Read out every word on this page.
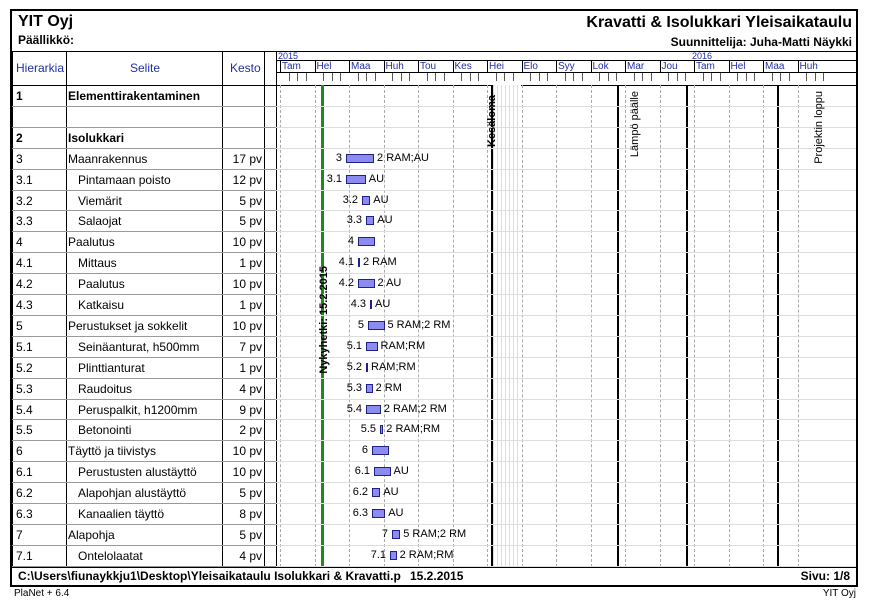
YIT Oyj
Päällikkö:
Kravatti & Isolukkari Yleisaikataulu
Suunnittelija: Juha-Matti Näykki
Hierarkia	Selite	Kesto
2015	2016
Tam Hel Maa Huh Tou Kes Hei Elo Syy Lok Mar Jou Tam Hel Maa Huh
1	Elementtirakentaminen
2	Isolukkari
3	Maanrakennus	17 pv	3	2 RAM;AU
3.1	Pintamaan poisto	12 pv	3.1 AU
3.2	Viemärit	5 pv	3.2 AU
3.3	Salaojat	5 pv	3.3 AU
4	Paalutus	10 pv	4
4.1	Mittaus	1 pv	4.1 2 RAM
4.2	Paalutus	10 pv	4.2 2 AU
4.3	Katkaisu	1 pv	4.3 AU
5	Perustukset ja sokkelit	10 pv	5 5 RAM;2 RM
5.1	Seinäanturat, h500mm	7 pv	5.1 RAM;RM
5.2	Plinttianturat	1 pv	5.2 RAM;RM
5.3	Raudoitus	4 pv	5.3 2 RM
5.4	Peruspalkit, h1200mm	9 pv	5.4 2 RAM;2 RM
5.5	Betonointi	2 pv	5.5 2 RAM;RM
6	Täyttö ja tiivistys	10 pv	6
6.1	Perustusten alustäyttö	10 pv	6.1 AU
6.2	Alapohjan alustäyttö	5 pv	6.2 AU
6.3	Kanaalien täyttö	8 pv	6.3 AU
7	Alapohja	5 pv	7 5 RAM;2 RM
7.1	Ontelolaatat	4 pv	7.1 2 RAM;RM
Nykyhetki: 15.2.2015
Kesäloma	Lämpö päälle	Projektin loppu
C:\Users\fiunaykkju1\Desktop\Yleisaikataulu Isolukkari & Kravatti.p 15.2.2015	Sivu: 1/8
PlaNet + 6.4	YIT Oyj
